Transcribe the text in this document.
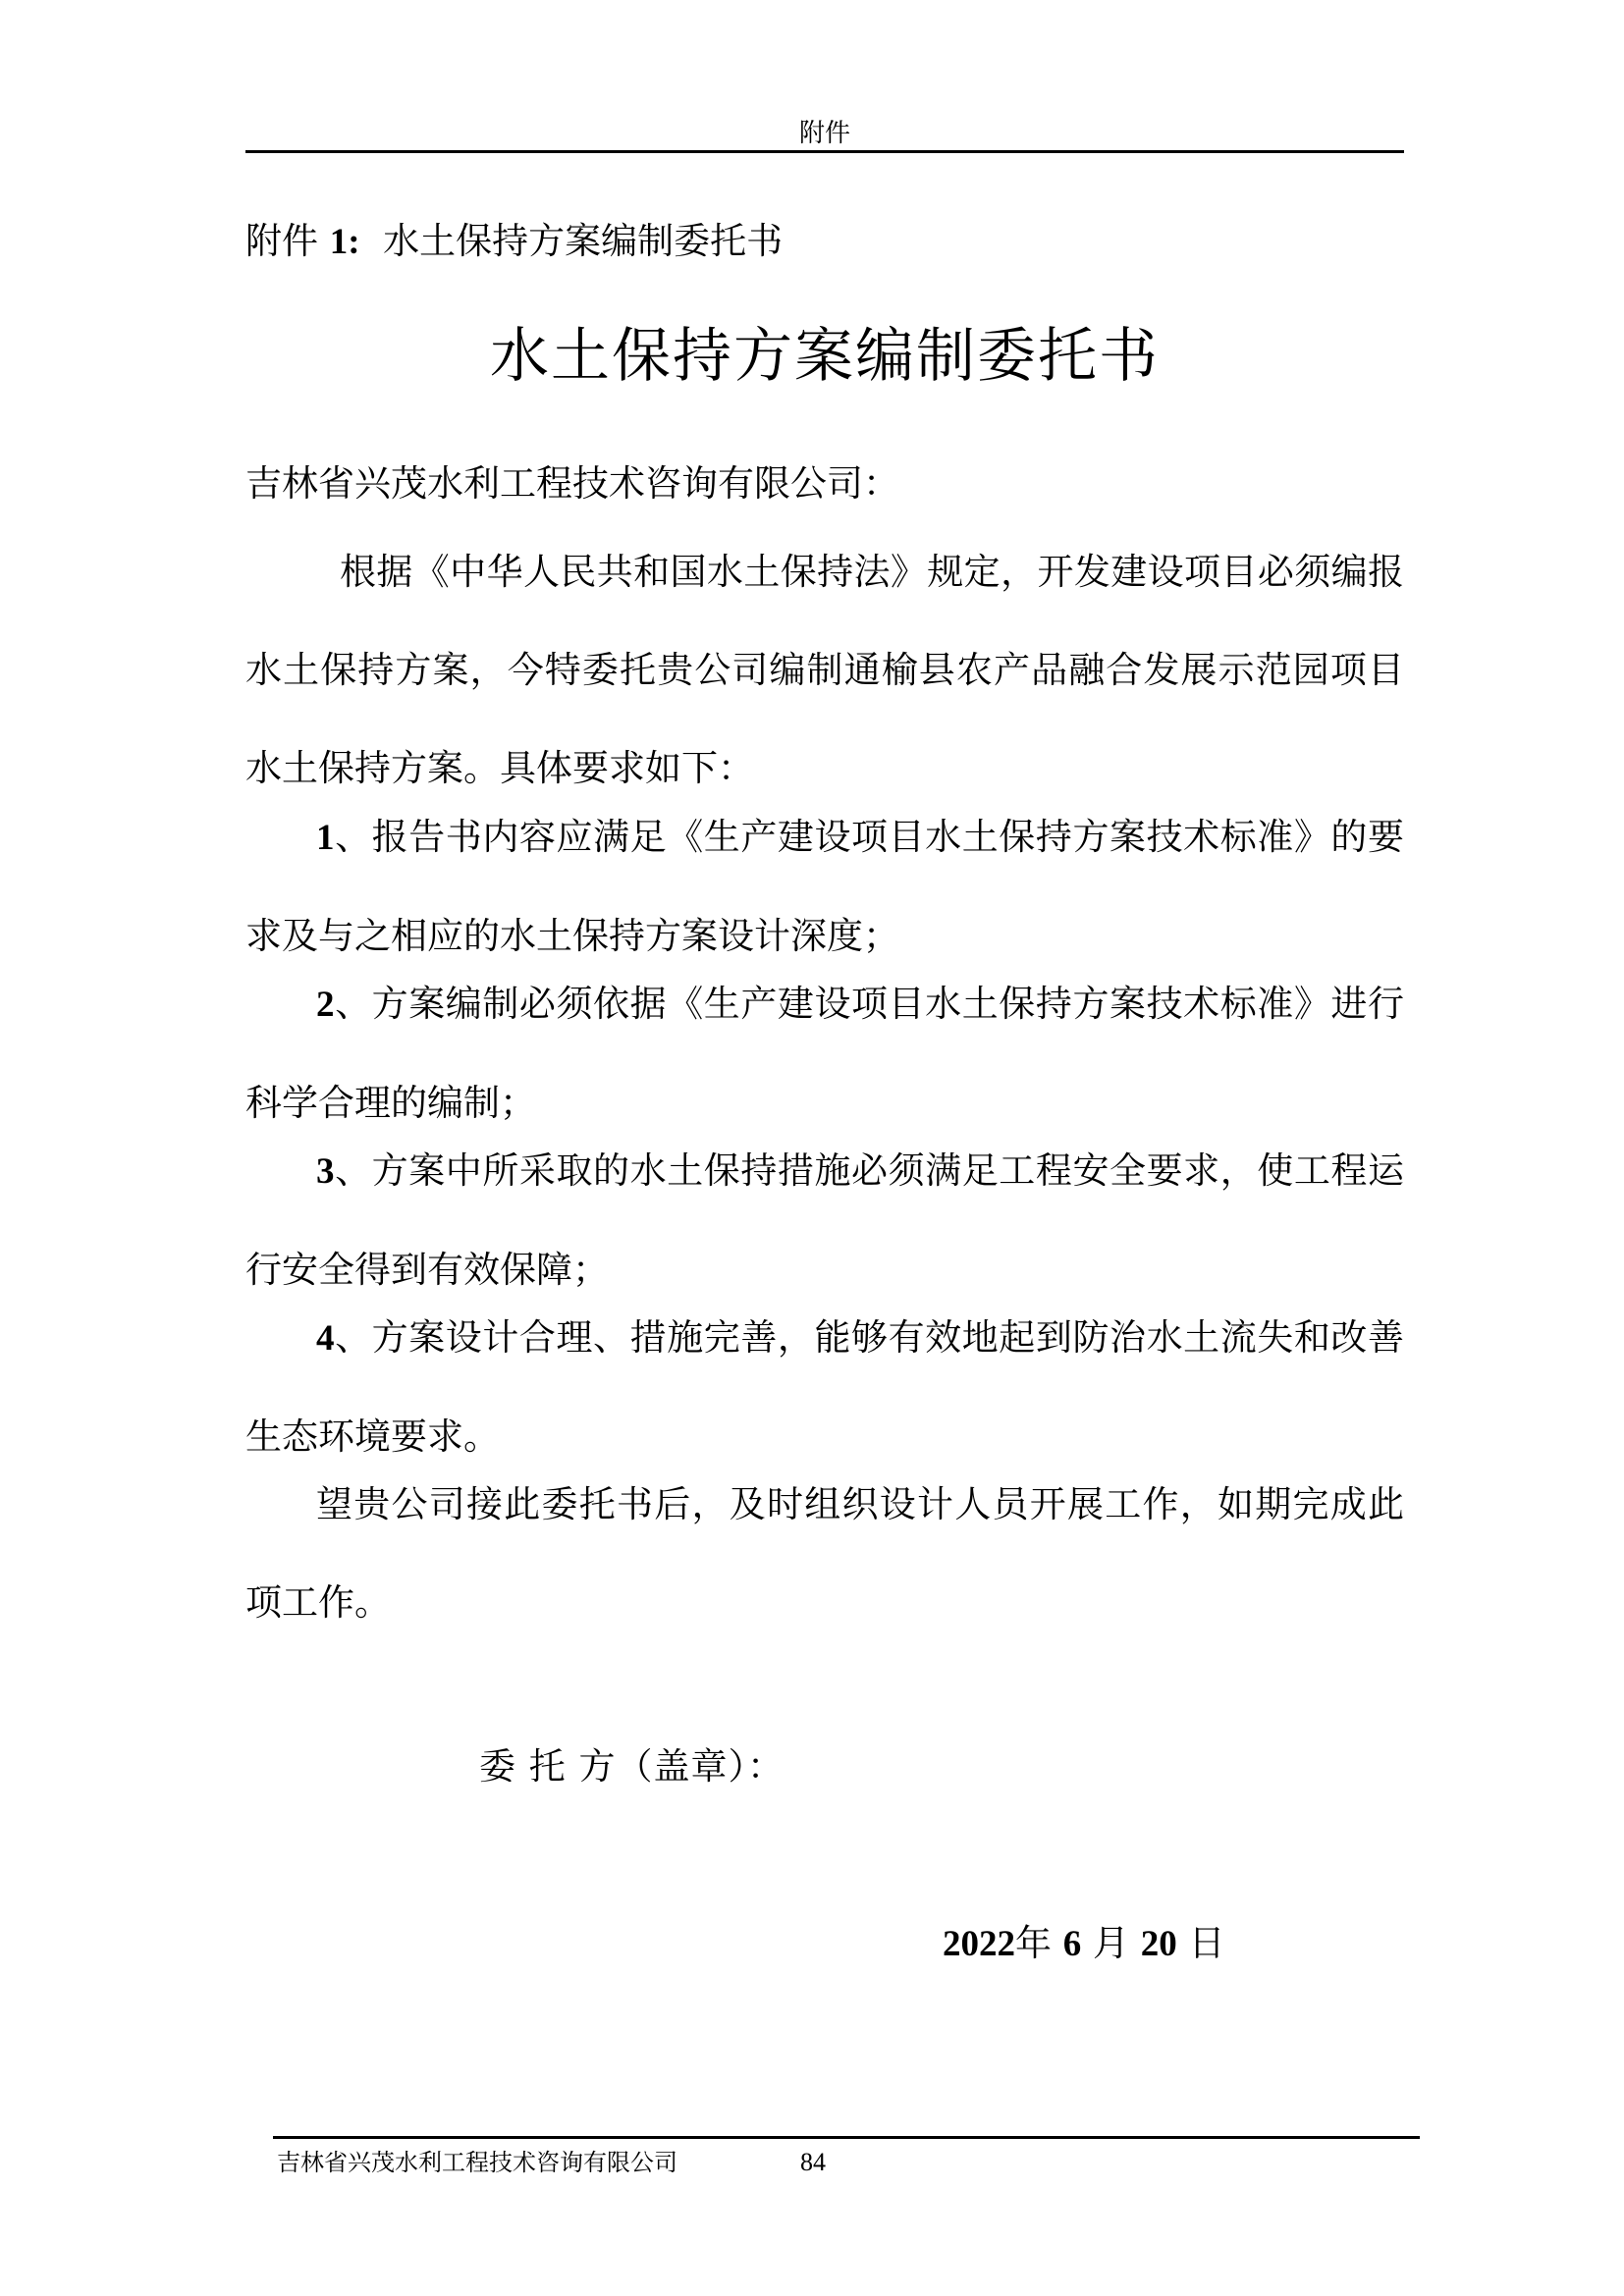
附件
附件 1: 水土保持方案编制委托书
水土保持方案编制委托书

吉林省兴茂水利工程技术咨询有限公司：

根据《中华人民共和国水土保持法》规定，开发建设项目必须编报水土保持方案，今特委托贵公司编制通榆县农产品融合发展示范园项目水土保持方案。具体要求如下：

1、报告书内容应满足《生产建设项目水土保持方案技术标准》的要求及与之相应的水土保持方案设计深度；

2、方案编制必须依据《生产建设项目水土保持方案技术标准》进行科学合理的编制；

3、方案中所采取的水土保持措施必须满足工程安全要求，使工程运行安全得到有效保障；

4、方案设计合理、措施完善，能够有效地起到防治水土流失和改善生态环境要求。

望贵公司接此委托书后，及时组织设计人员开展工作，如期完成此项工作。

委 托 方（盖章）：
2022年 6 月 20 日
吉林省兴茂水利工程技术咨询有限公司	84
